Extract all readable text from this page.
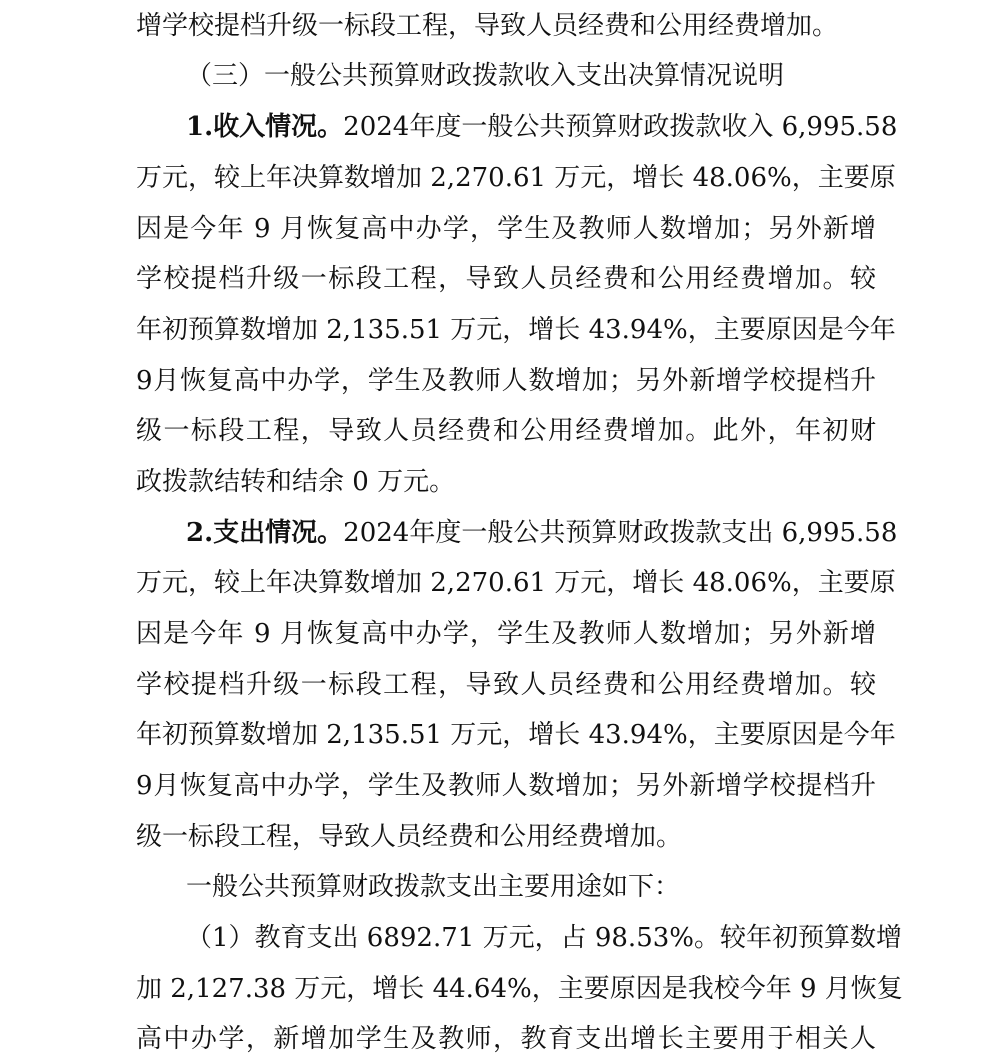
增学校提档升级一标段工程，导致人员经费和公用经费增加。
（三）一般公共预算财政拨款收入支出决算情况说明
1.收入情况。2024年度一般公共预算财政拨款收入 6,995.58
万元，较上年决算数增加 2,270.61 万元，增长 48.06%，主要原
因是今年 9 月恢复高中办学，学生及教师人数增加；另外新增
学校提档升级一标段工程，导致人员经费和公用经费增加。较
年初预算数增加 2,135.51 万元，增长 43.94%，主要原因是今年
9月恢复高中办学，学生及教师人数增加；另外新增学校提档升
级一标段工程，导致人员经费和公用经费增加。此外，年初财
政拨款结转和结余 0 万元。
2.支出情况。2024年度一般公共预算财政拨款支出 6,995.58
万元，较上年决算数增加 2,270.61 万元，增长 48.06%，主要原
因是今年 9 月恢复高中办学，学生及教师人数增加；另外新增
学校提档升级一标段工程，导致人员经费和公用经费增加。较
年初预算数增加 2,135.51 万元，增长 43.94%，主要原因是今年
9月恢复高中办学，学生及教师人数增加；另外新增学校提档升
级一标段工程，导致人员经费和公用经费增加。
一般公共预算财政拨款支出主要用途如下：
（1）教育支出 6892.71 万元，占 98.53%。较年初预算数增
加 2,127.38 万元，增长 44.64%，主要原因是我校今年 9 月恢复
高中办学，新增加学生及教师，教育支出增长主要用于相关人
